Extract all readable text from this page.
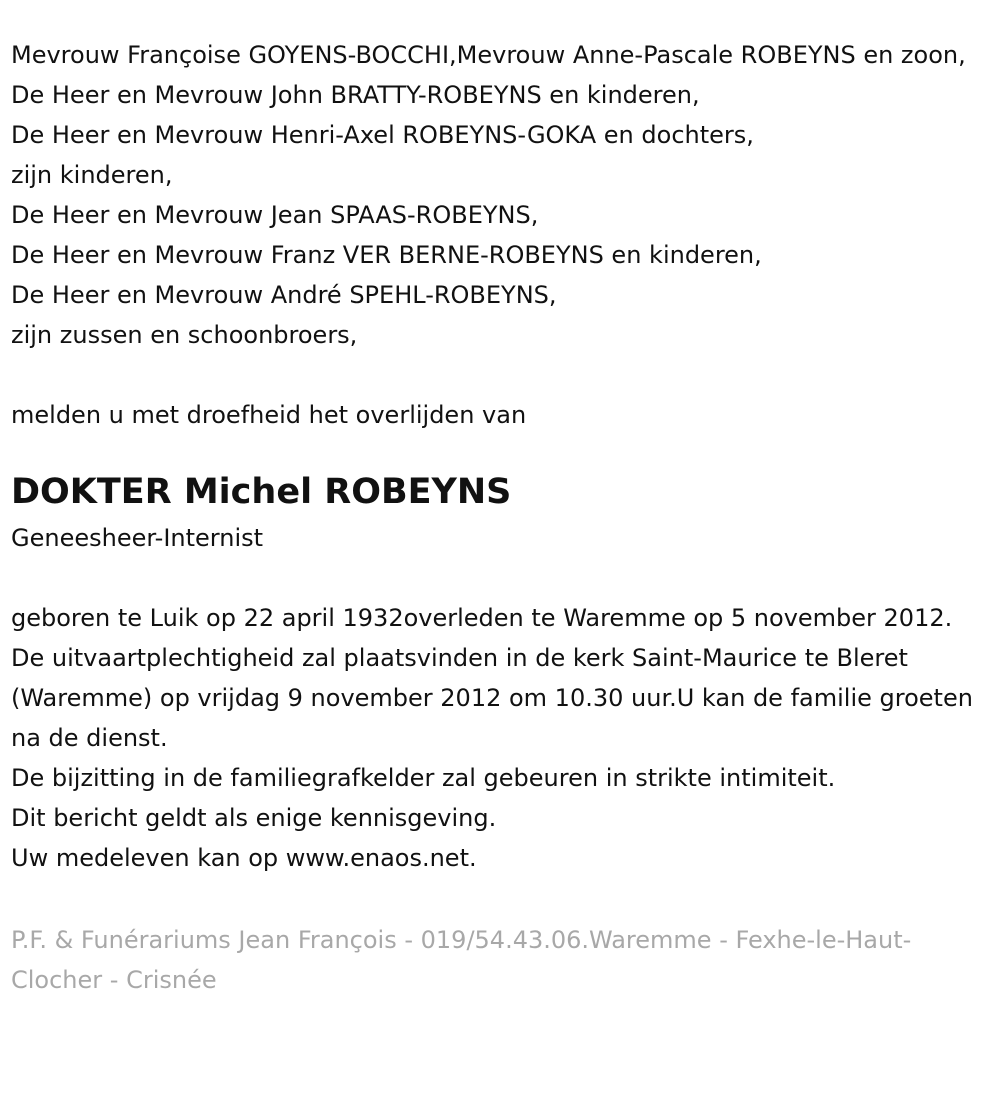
Mevrouw Françoise GOYENS-BOCCHI,Mevrouw Anne-Pascale ROBEYNS en zoon,
De Heer en Mevrouw John BRATTY-ROBEYNS en kinderen,
De Heer en Mevrouw Henri-Axel ROBEYNS-GOKA en dochters,
zijn kinderen,
De Heer en Mevrouw Jean SPAAS-ROBEYNS,
De Heer en Mevrouw Franz VER BERNE-ROBEYNS en kinderen,
De Heer en Mevrouw André SPEHL-ROBEYNS,
zijn zussen en schoonbroers,
melden u met droefheid het overlijden van
DOKTER Michel ROBEYNS
Geneesheer-Internist
geboren te Luik op 22 april 1932overleden te Waremme op 5 november 2012.
De uitvaartplechtigheid zal plaatsvinden in de kerk Saint-Maurice te Bleret (Waremme) op vrijdag 9 november 2012 om 10.30 uur.U kan de familie groeten na de dienst.
De bijzitting in de familiegrafkelder zal gebeuren in strikte intimiteit.
Dit bericht geldt als enige kennisgeving.
Uw medeleven kan op www.enaos.net.
P.F. & Funérariums Jean François - 019/54.43.06.Waremme - Fexhe-le-Haut-Clocher - Crisnée
